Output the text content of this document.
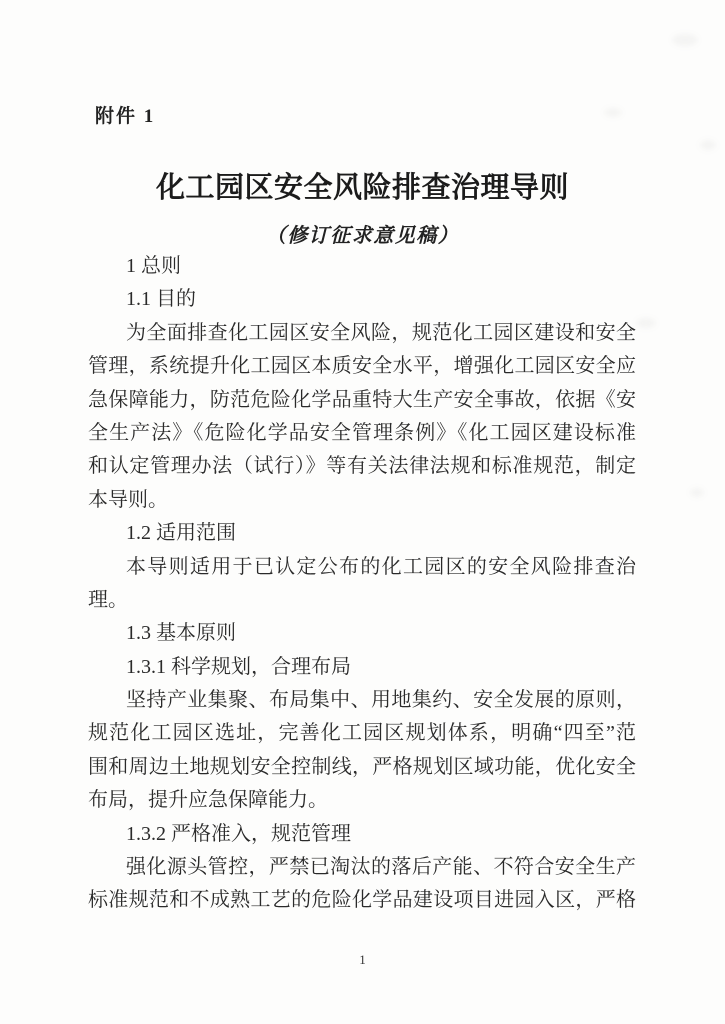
附件 1
化工园区安全风险排查治理导则
（修订征求意见稿）
1 总则
1.1 目的
为全面排查化工园区安全风险，规范化工园区建设和安全
管理，系统提升化工园区本质安全水平，增强化工园区安全应
急保障能力，防范危险化学品重特大生产安全事故，依据《安
全生产法》《危险化学品安全管理条例》《化工园区建设标准
和认定管理办法（试行）》等有关法律法规和标准规范，制定
本导则。
1.2 适用范围
本导则适用于已认定公布的化工园区的安全风险排查治
理。
1.3 基本原则
1.3.1 科学规划，合理布局
坚持产业集聚、布局集中、用地集约、安全发展的原则，
规范化工园区选址，完善化工园区规划体系，明确“四至”范
围和周边土地规划安全控制线，严格规划区域功能，优化安全
布局，提升应急保障能力。
1.3.2 严格准入，规范管理
强化源头管控，严禁已淘汰的落后产能、不符合安全生产
标准规范和不成熟工艺的危险化学品建设项目进园入区，严格
1
